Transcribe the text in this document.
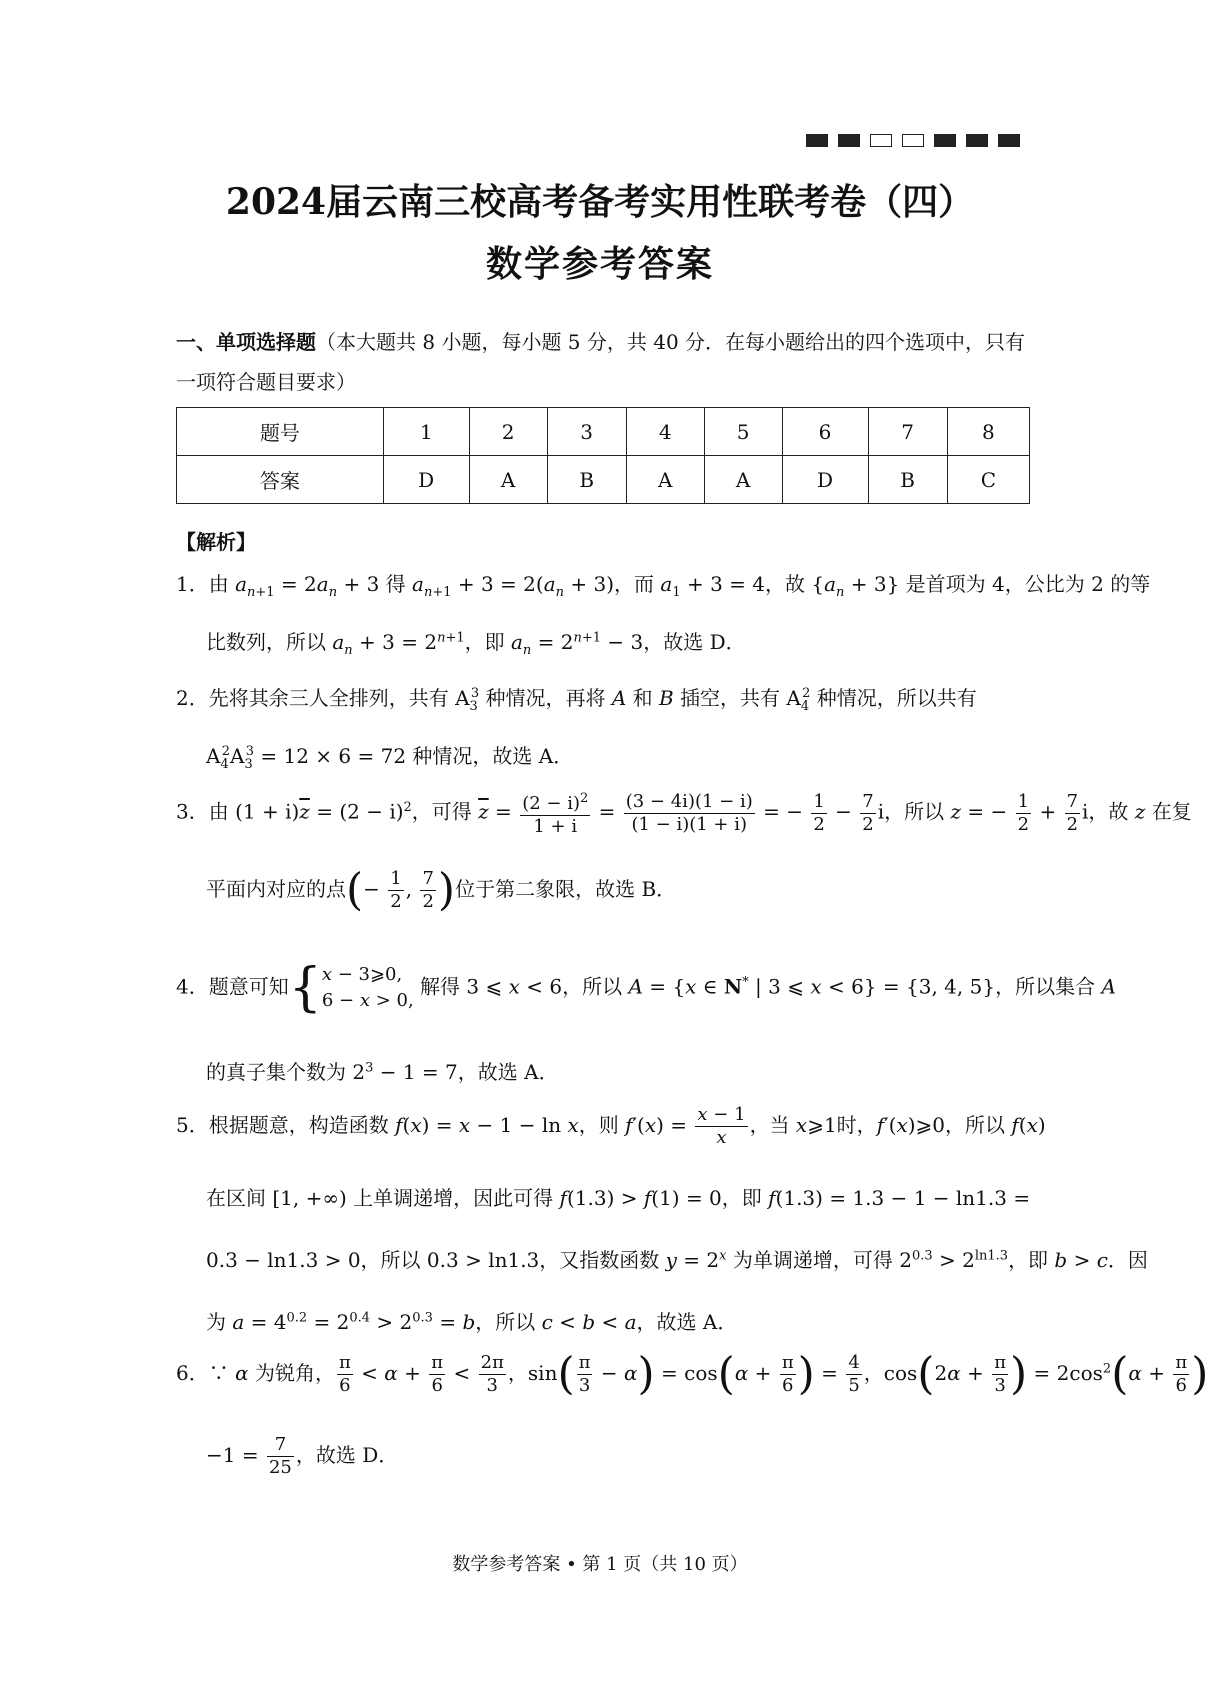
2024届云南三校高考备考实用性联考卷（四）
数学参考答案
一、单项选择题（本大题共 8 小题，每小题 5 分，共 40 分．在每小题给出的四个选项中，只有一项符合题目要求）
题号	1	2	3	4	5	6	7	8
答案	D	A	B	A	A	D	B	C
【解析】
1．由 $a_{n+1} = 2a_n + 3$ 得 $a_{n+1} + 3 = 2(a_n + 3)$，而 $a_1 + 3 = 4$，故 $\{a_n + 3\}$ 是首项为 4，公比为 2 的等
比数列，所以 $a_n + 3 = 2^{n+1}$，即 $a_n = 2^{n+1} - 3$，故选 D．
2．先将其余三人全排列，共有 $A_3^3$ 种情况，再将 A 和 B 插空，共有 $A_4^2$ 种情况，所以共有
$A_4^2A_3^3 = 12 \times 6 = 72$ 种情况，故选 A．
3．由 $(1 + i)\overline{z} = (2 - i)^2$，可得 $\overline{z} = \frac{(2 - i)^2}{1 + i} = \frac{(3 - 4i)(1 - i)}{(1 - i)(1 + i)}$ = − $\frac{1}{2} - \frac{7}{2}$ i，所以 z = − $\frac{1}{2} + \frac{7}{2}$ i，故 z 在复
平面内对应的点(− $\frac{1}{2}$ , $\frac{7}{2}$ )位于第二象限，故选 B．
4．题意可知{ x − 3⩾0,
6 − x > 0,
解得 3 ⩽ x < 6，所以 A = {x ∈ N* | 3 ⩽ x < 6} = {3, 4, 5}，所以集合 A
的真子集个数为 $2^3 - 1 = 7$，故选 A．
5．根据题意，构造函数 f(x) = x − 1 − ln x，则 $f'(x) = \frac{x - 1}{x}$ ，当 x⩾1时，f′(x)⩾0，所以 f(x)
在区间 [1, +∞) 上单调递增，因此可得 f(1.3) > f(1) = 0，即 f(1.3) = 1.3 − 1 − ln1.3 =
0.3 − ln1.3 > 0，所以 0.3 > ln1.3，又指数函数 $y = 2^x$ 为单调递增，可得 $2^{0.3} > 2^{ln1.3}$，即 b > c．因
为 $a = 4^{0.2} = 2^{0.4} > 2^{0.3} = b$，所以 c < b < a，故选 A．
6．∵ α 为锐角， $\frac{\pi}{6} < \alpha + \frac{\pi}{6} < \frac{2\pi}{3}$ ，$\sin( \frac{\pi}{3} - \alpha) = \cos(\alpha + \frac{\pi}{6}$ ) = $\frac{4}{5}$ ，$\cos(2\alpha + \frac{\pi}{3}$ ) = $2\cos^2(\alpha + \frac{\pi}{6}$ )
$-1 = \frac{7}{25}$ ，故选 D．
数学参考答案 • 第 1 页（共 10 页）
